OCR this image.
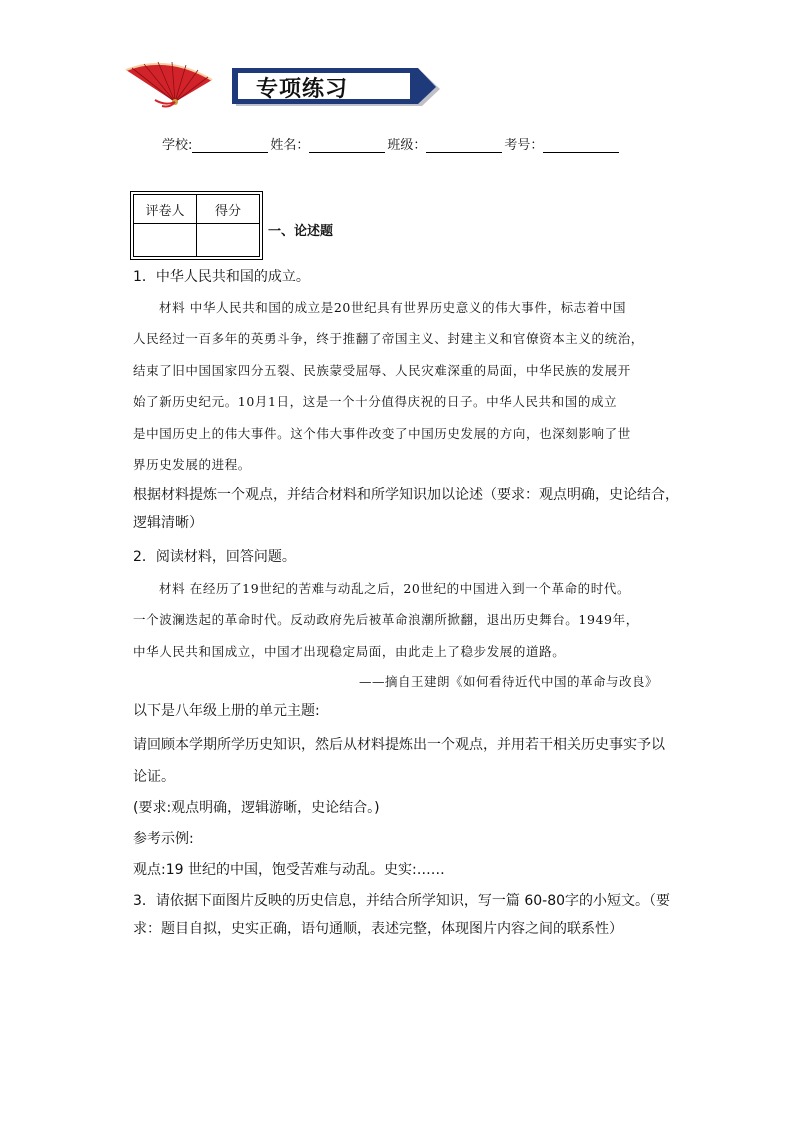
专项练习
学校:	姓名：	班级：	考号：
评卷人	得分

一、论述题
1．中华人民共和国的成立。

材料 中华人民共和国的成立是20世纪具有世界历史意义的伟大事件，标志着中国

人民经过一百多年的英勇斗争，终于推翻了帝国主义、封建主义和官僚资本主义的统治，

结束了旧中国国家四分五裂、民族蒙受屈辱、人民灾难深重的局面，中华民族的发展开

始了新历史纪元。10月1日，这是一个十分值得庆祝的日子。中华人民共和国的成立

是中国历史上的伟大事件。这个伟大事件改变了中国历史发展的方向，也深刻影响了世

界历史发展的进程。

根据材料提炼一个观点，并结合材料和所学知识加以论述（要求：观点明确，史论结合，
逻辑清晰）
2．阅读材料，回答问题。

材料 在经历了19世纪的苦难与动乱之后，20世纪的中国进入到一个革命的时代。

一个波澜迭起的革命时代。反动政府先后被革命浪潮所掀翻，退出历史舞台。1949年，

中华人民共和国成立，中国才出现稳定局面，由此走上了稳步发展的道路。

——摘自王建朗《如何看待近代中国的革命与改良》
以下是八年级上册的单元主题:
请回顾本学期所学历史知识，然后从材料提炼出一个观点，并用若干相关历史事实予以
论证。
(要求:观点明确，逻辑游晰，史论结合。)
参考示例:
观点:19 世纪的中国，饱受苦难与动乱。史实:……
3．请依据下面图片反映的历史信息，并结合所学知识，写一篇 60-80字的小短文。（要
求：题目自拟，史实正确，语句通顺，表述完整，体现图片内容之间的联系性）
